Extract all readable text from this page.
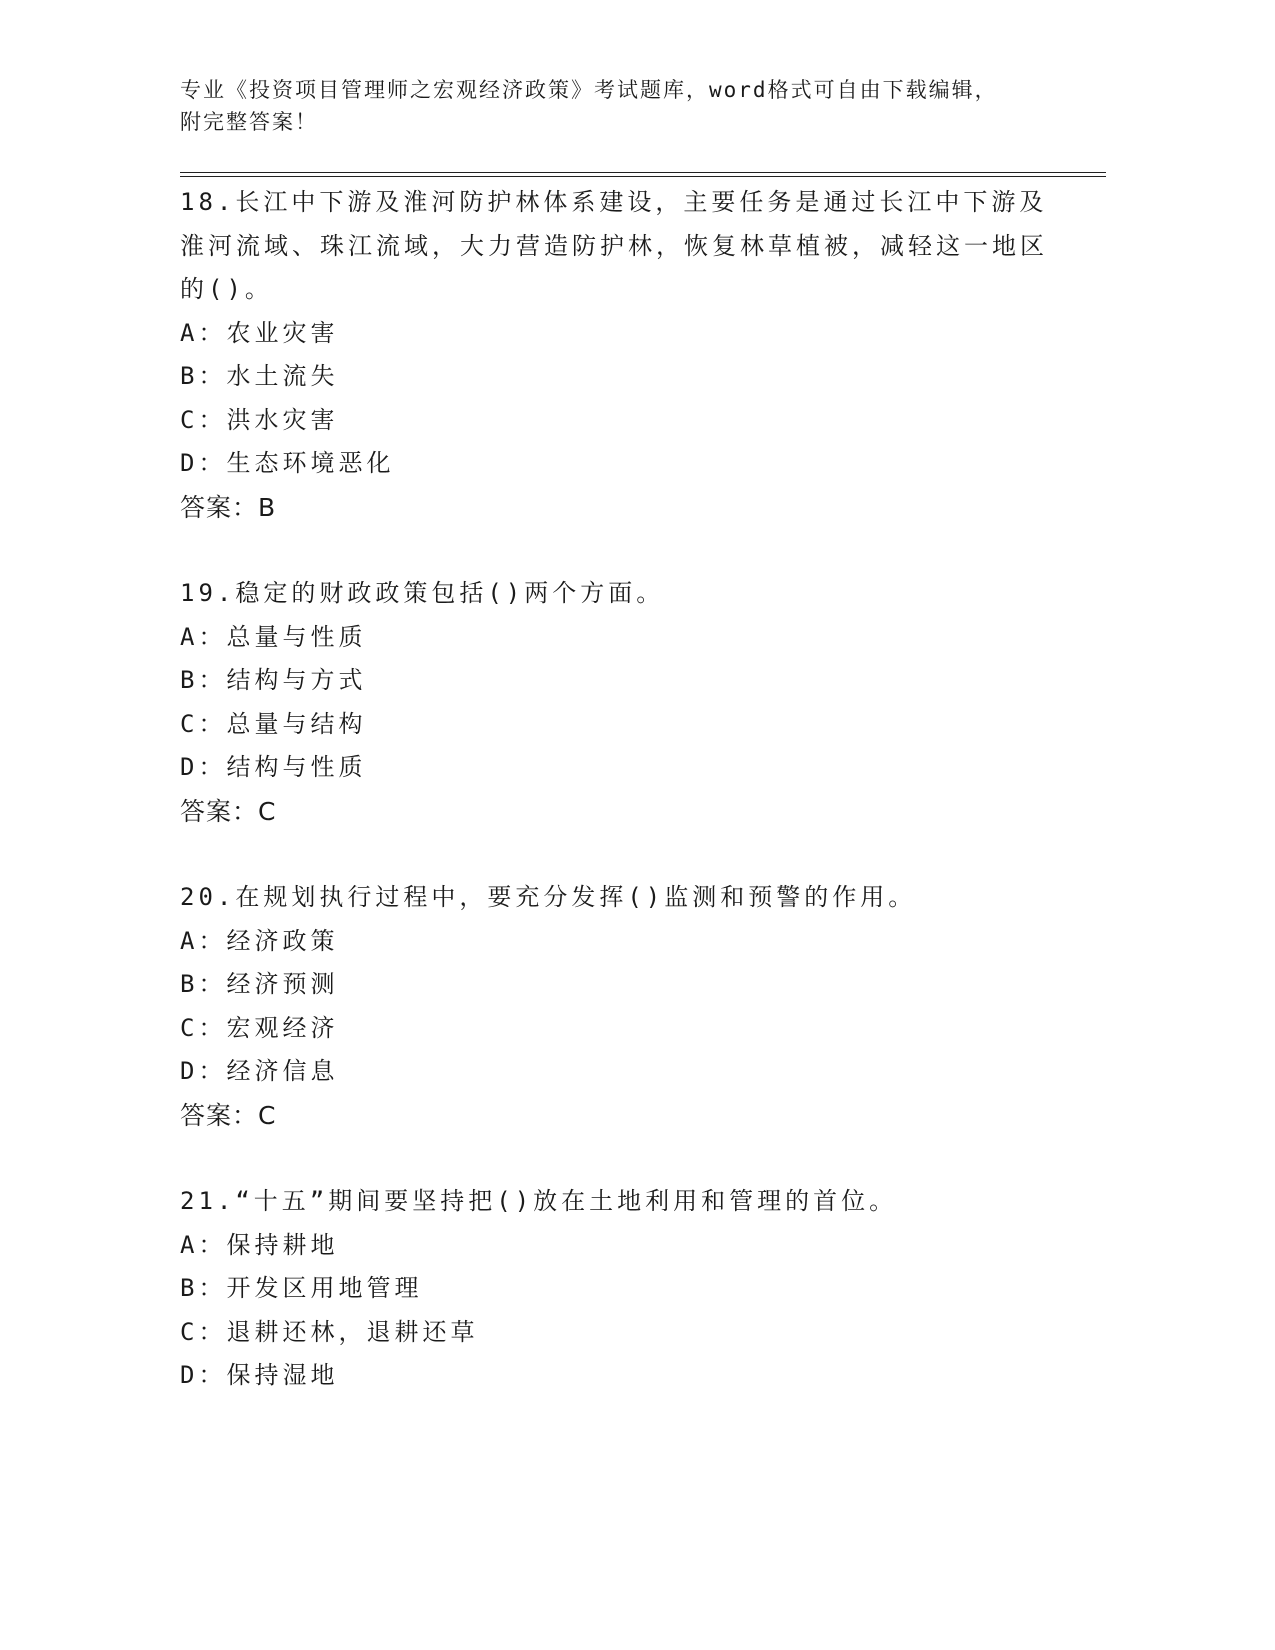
专业《投资项目管理师之宏观经济政策》考试题库，word格式可自由下载编辑，
附完整答案！

18.长江中下游及淮河防护林体系建设，主要任务是通过长江中下游及淮河流域、珠江流域，大力营造防护林，恢复林草植被，减轻这一地区的()。

A：农业灾害

B：水土流失

C：洪水灾害

D：生态环境恶化

答案：B

19.稳定的财政政策包括()两个方面。

A：总量与性质

B：结构与方式

C：总量与结构

D：结构与性质

答案：C

20.在规划执行过程中，要充分发挥()监测和预警的作用。

A：经济政策

B：经济预测

C：宏观经济

D：经济信息

答案：C

21.“十五”期间要坚持把()放在土地利用和管理的首位。

A：保持耕地

B：开发区用地管理

C：退耕还林，退耕还草

D：保持湿地
